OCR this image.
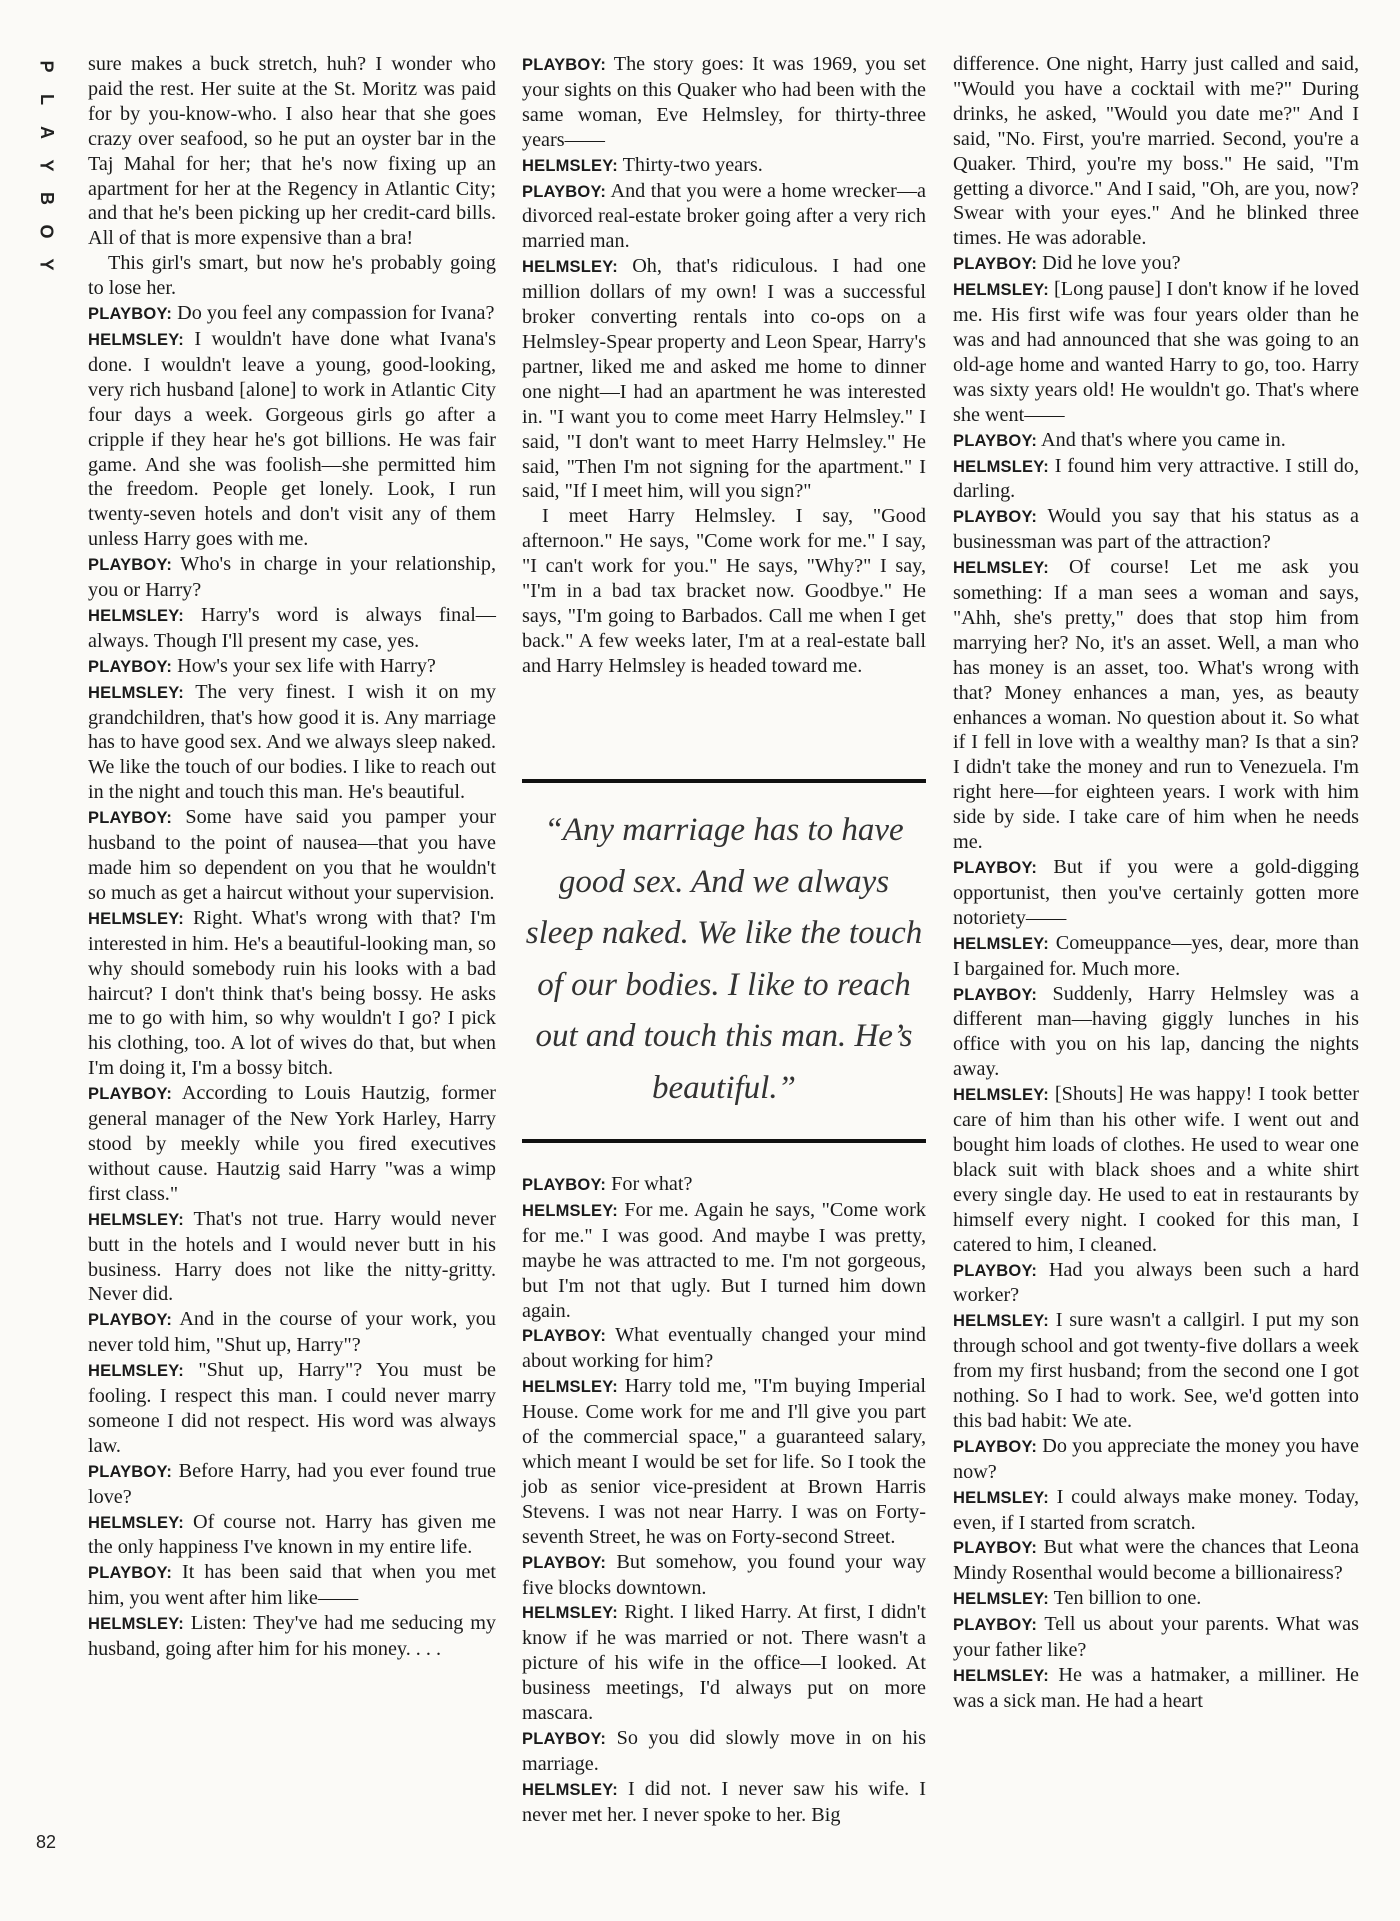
P
L
A
Y
B
O
Y
82

sure makes a buck stretch, huh? I wonder who paid the rest. Her suite at the St. Moritz was paid for by you-know-who. I also hear that she goes crazy over seafood, so he put an oyster bar in the Taj Mahal for her; that he's now fixing up an apartment for her at the Regency in Atlantic City; and that he's been picking up her credit-card bills. All of that is more expensive than a bra!

This girl's smart, but now he's probably going to lose her.

PLAYBOY: Do you feel any compassion for Ivana?

HELMSLEY: I wouldn't have done what Ivana's done. I wouldn't leave a young, good-looking, very rich husband [alone] to work in Atlantic City four days a week. Gorgeous girls go after a cripple if they hear he's got billions. He was fair game. And she was foolish—she permitted him the freedom. People get lonely. Look, I run twenty-seven hotels and don't visit any of them unless Harry goes with me.

PLAYBOY: Who's in charge in your relationship, you or Harry?

HELMSLEY: Harry's word is always final—always. Though I'll present my case, yes.

PLAYBOY: How's your sex life with Harry?

HELMSLEY: The very finest. I wish it on my grandchildren, that's how good it is. Any marriage has to have good sex. And we always sleep naked. We like the touch of our bodies. I like to reach out in the night and touch this man. He's beautiful.

PLAYBOY: Some have said you pamper your husband to the point of nausea—that you have made him so dependent on you that he wouldn't so much as get a haircut without your supervision.

HELMSLEY: Right. What's wrong with that? I'm interested in him. He's a beautiful-looking man, so why should somebody ruin his looks with a bad haircut? I don't think that's being bossy. He asks me to go with him, so why wouldn't I go? I pick his clothing, too. A lot of wives do that, but when I'm doing it, I'm a bossy bitch.

PLAYBOY: According to Louis Hautzig, former general manager of the New York Harley, Harry stood by meekly while you fired executives without cause. Hautzig said Harry "was a wimp first class."

HELMSLEY: That's not true. Harry would never butt in the hotels and I would never butt in his business. Harry does not like the nitty-gritty. Never did.

PLAYBOY: And in the course of your work, you never told him, "Shut up, Harry"?

HELMSLEY: "Shut up, Harry"? You must be fooling. I respect this man. I could never marry someone I did not respect. His word was always law.

PLAYBOY: Before Harry, had you ever found true love?

HELMSLEY: Of course not. Harry has given me the only happiness I've known in my entire life.

PLAYBOY: It has been said that when you met him, you went after him like——

HELMSLEY: Listen: They've had me seducing my husband, going after him for his money. . . .

PLAYBOY: The story goes: It was 1969, you set your sights on this Quaker who had been with the same woman, Eve Helmsley, for thirty-three years——

HELMSLEY: Thirty-two years.

PLAYBOY: And that you were a home wrecker—a divorced real-estate broker going after a very rich married man.

HELMSLEY: Oh, that's ridiculous. I had one million dollars of my own! I was a successful broker converting rentals into co-ops on a Helmsley-Spear property and Leon Spear, Harry's partner, liked me and asked me home to dinner one night—I had an apartment he was interested in. "I want you to come meet Harry Helmsley." I said, "I don't want to meet Harry Helmsley." He said, "Then I'm not signing for the apartment." I said, "If I meet him, will you sign?"

I meet Harry Helmsley. I say, "Good afternoon." He says, "Come work for me." I say, "I can't work for you." He says, "Why?" I say, "I'm in a bad tax bracket now. Goodbye." He says, "I'm going to Barbados. Call me when I get back." A few weeks later, I'm at a real-estate ball and Harry Helmsley is headed toward me.

PLAYBOY: For what?

HELMSLEY: For me. Again he says, "Come work for me." I was good. And maybe I was pretty, maybe he was attracted to me. I'm not gorgeous, but I'm not that ugly. But I turned him down again.

PLAYBOY: What eventually changed your mind about working for him?

HELMSLEY: Harry told me, "I'm buying Imperial House. Come work for me and I'll give you part of the commercial space," a guaranteed salary, which meant I would be set for life. So I took the job as senior vice-president at Brown Harris Stevens. I was not near Harry. I was on Forty-seventh Street, he was on Forty-second Street.

PLAYBOY: But somehow, you found your way five blocks downtown.

HELMSLEY: Right. I liked Harry. At first, I didn't know if he was married or not. There wasn't a picture of his wife in the office—I looked. At business meetings, I'd always put on more mascara.

PLAYBOY: So you did slowly move in on his marriage.

HELMSLEY: I did not. I never saw his wife. I never met her. I never spoke to her. Big

“Any marriage has to have good sex. And we always sleep naked. We like the touch of our bodies. I like to reach out and touch this man. He’s beautiful.”

difference. One night, Harry just called and said, "Would you have a cocktail with me?" During drinks, he asked, "Would you date me?" And I said, "No. First, you're married. Second, you're a Quaker. Third, you're my boss." He said, "I'm getting a divorce." And I said, "Oh, are you, now? Swear with your eyes." And he blinked three times. He was adorable.

PLAYBOY: Did he love you?

HELMSLEY: [Long pause] I don't know if he loved me. His first wife was four years older than he was and had announced that she was going to an old-age home and wanted Harry to go, too. Harry was sixty years old! He wouldn't go. That's where she went——

PLAYBOY: And that's where you came in.

HELMSLEY: I found him very attractive. I still do, darling.

PLAYBOY: Would you say that his status as a businessman was part of the attraction?

HELMSLEY: Of course! Let me ask you something: If a man sees a woman and says, "Ahh, she's pretty," does that stop him from marrying her? No, it's an asset. Well, a man who has money is an asset, too. What's wrong with that? Money enhances a man, yes, as beauty enhances a woman. No question about it. So what if I fell in love with a wealthy man? Is that a sin? I didn't take the money and run to Venezuela. I'm right here—for eighteen years. I work with him side by side. I take care of him when he needs me.

PLAYBOY: But if you were a gold-digging opportunist, then you've certainly gotten more notoriety——

HELMSLEY: Comeuppance—yes, dear, more than I bargained for. Much more.

PLAYBOY: Suddenly, Harry Helmsley was a different man—having giggly lunches in his office with you on his lap, dancing the nights away.

HELMSLEY: [Shouts] He was happy! I took better care of him than his other wife. I went out and bought him loads of clothes. He used to wear one black suit with black shoes and a white shirt every single day. He used to eat in restaurants by himself every night. I cooked for this man, I catered to him, I cleaned.

PLAYBOY: Had you always been such a hard worker?

HELMSLEY: I sure wasn't a callgirl. I put my son through school and got twenty-five dollars a week from my first husband; from the second one I got nothing. So I had to work. See, we'd gotten into this bad habit: We ate.

PLAYBOY: Do you appreciate the money you have now?

HELMSLEY: I could always make money. Today, even, if I started from scratch.

PLAYBOY: But what were the chances that Leona Mindy Rosenthal would become a billionairess?

HELMSLEY: Ten billion to one.

PLAYBOY: Tell us about your parents. What was your father like?

HELMSLEY: He was a hatmaker, a milliner. He was a sick man. He had a heart
